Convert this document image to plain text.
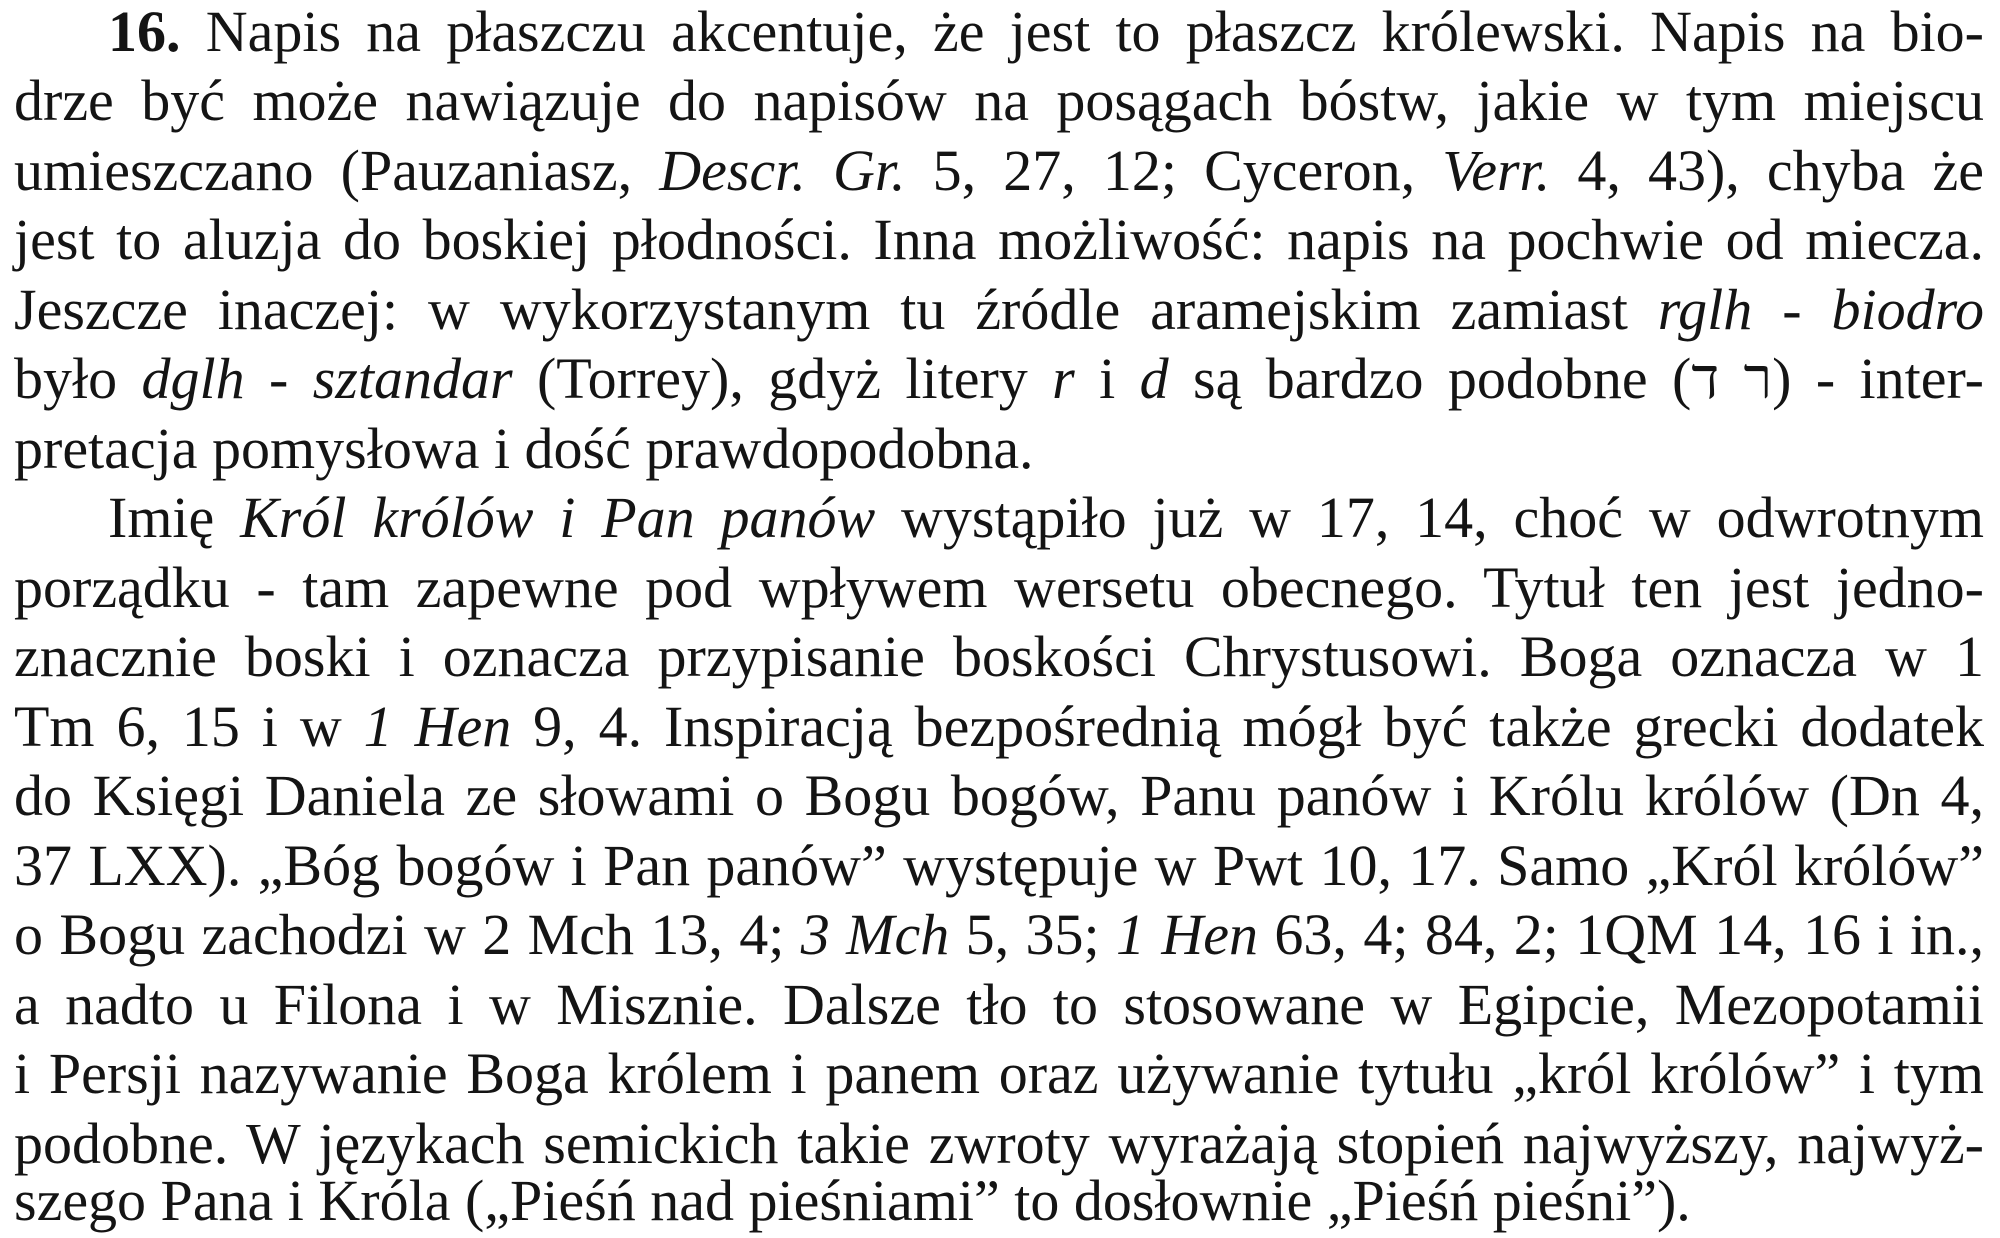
16. Napis na płaszczu akcentuje, że jest to płaszcz królewski. Napis na bio-
drze być może nawiązuje do napisów na posągach bóstw, jakie w tym miejscu
umieszczano (Pauzaniasz, Descr. Gr. 5, 27, 12; Cyceron, Verr. 4, 43), chyba że
jest to aluzja do boskiej płodności. Inna możliwość: napis na pochwie od miecza.
Jeszcze inaczej: w wykorzystanym tu źródle aramejskim zamiast rglh - biodro
było dglh - sztandar (Torrey), gdyż litery r i d są bardzo podobne (ר ד) - inter-
pretacja pomysłowa i dość prawdopodobna.
Imię Król królów i Pan panów wystąpiło już w 17, 14, choć w odwrotnym
porządku - tam zapewne pod wpływem wersetu obecnego. Tytuł ten jest jedno-
znacznie boski i oznacza przypisanie boskości Chrystusowi. Boga oznacza w 1
Tm 6, 15 i w 1 Hen 9, 4. Inspiracją bezpośrednią mógł być także grecki dodatek
do Księgi Daniela ze słowami o Bogu bogów, Panu panów i Królu królów (Dn 4,
37 LXX). „Bóg bogów i Pan panów” występuje w Pwt 10, 17. Samo „Król królów”
o Bogu zachodzi w 2 Mch 13, 4; 3 Mch 5, 35; 1 Hen 63, 4; 84, 2; 1QM 14, 16 i in.,
a nadto u Filona i w Misznie. Dalsze tło to stosowane w Egipcie, Mezopotamii
i Persji nazywanie Boga królem i panem oraz używanie tytułu „król królów” i tym
podobne. W językach semickich takie zwroty wyrażają stopień najwyższy, najwyż-
szego Pana i Króla („Pieśń nad pieśniami” to dosłownie „Pieśń pieśni”).
